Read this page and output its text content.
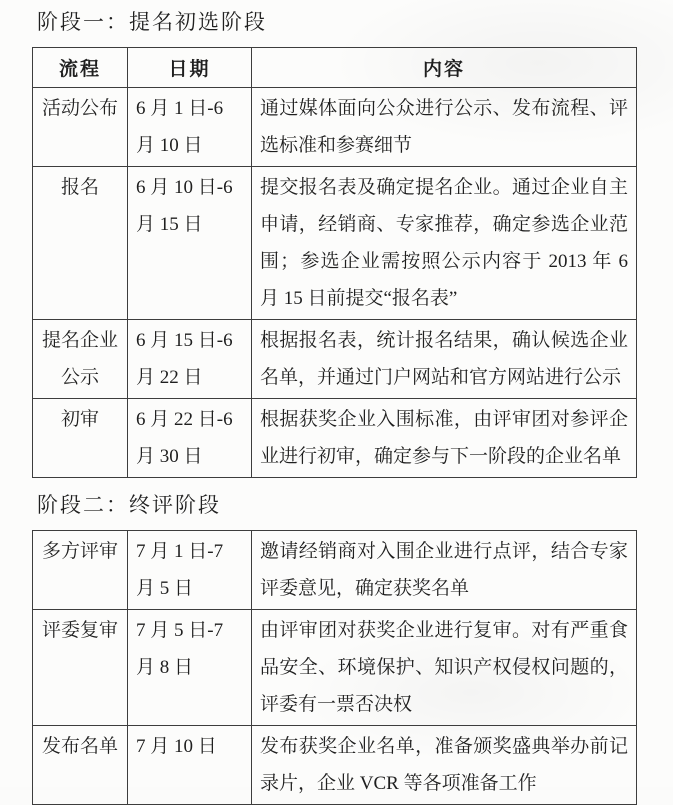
阶段一：提名初选阶段
流程	日期	内容
活动公布	6 月 1 日-6 月 10 日	通过媒体面向公众进行公示、发布流程、评选标准和参赛细节
报名	6 月 10 日-6 月 15 日	提交报名表及确定提名企业。通过企业自主申请，经销商、专家推荐，确定参选企业范围；参选企业需按照公示内容于 2013 年 6 月 15 日前提交“报名表”
提名企业公示	6 月 15 日-6 月 22 日	根据报名表，统计报名结果，确认候选企业名单，并通过门户网站和官方网站进行公示
初审	6 月 22 日-6 月 30 日	根据获奖企业入围标准，由评审团对参评企业进行初审，确定参与下一阶段的企业名单
阶段二：终评阶段
多方评审	7 月 1 日-7 月 5 日	邀请经销商对入围企业进行点评，结合专家评委意见，确定获奖名单
评委复审	7 月 5 日-7 月 8 日	由评审团对获奖企业进行复审。对有严重食品安全、环境保护、知识产权侵权问题的，评委有一票否决权
发布名单	7 月 10 日	发布获奖企业名单，准备颁奖盛典举办前记录片，企业 VCR 等各项准备工作
